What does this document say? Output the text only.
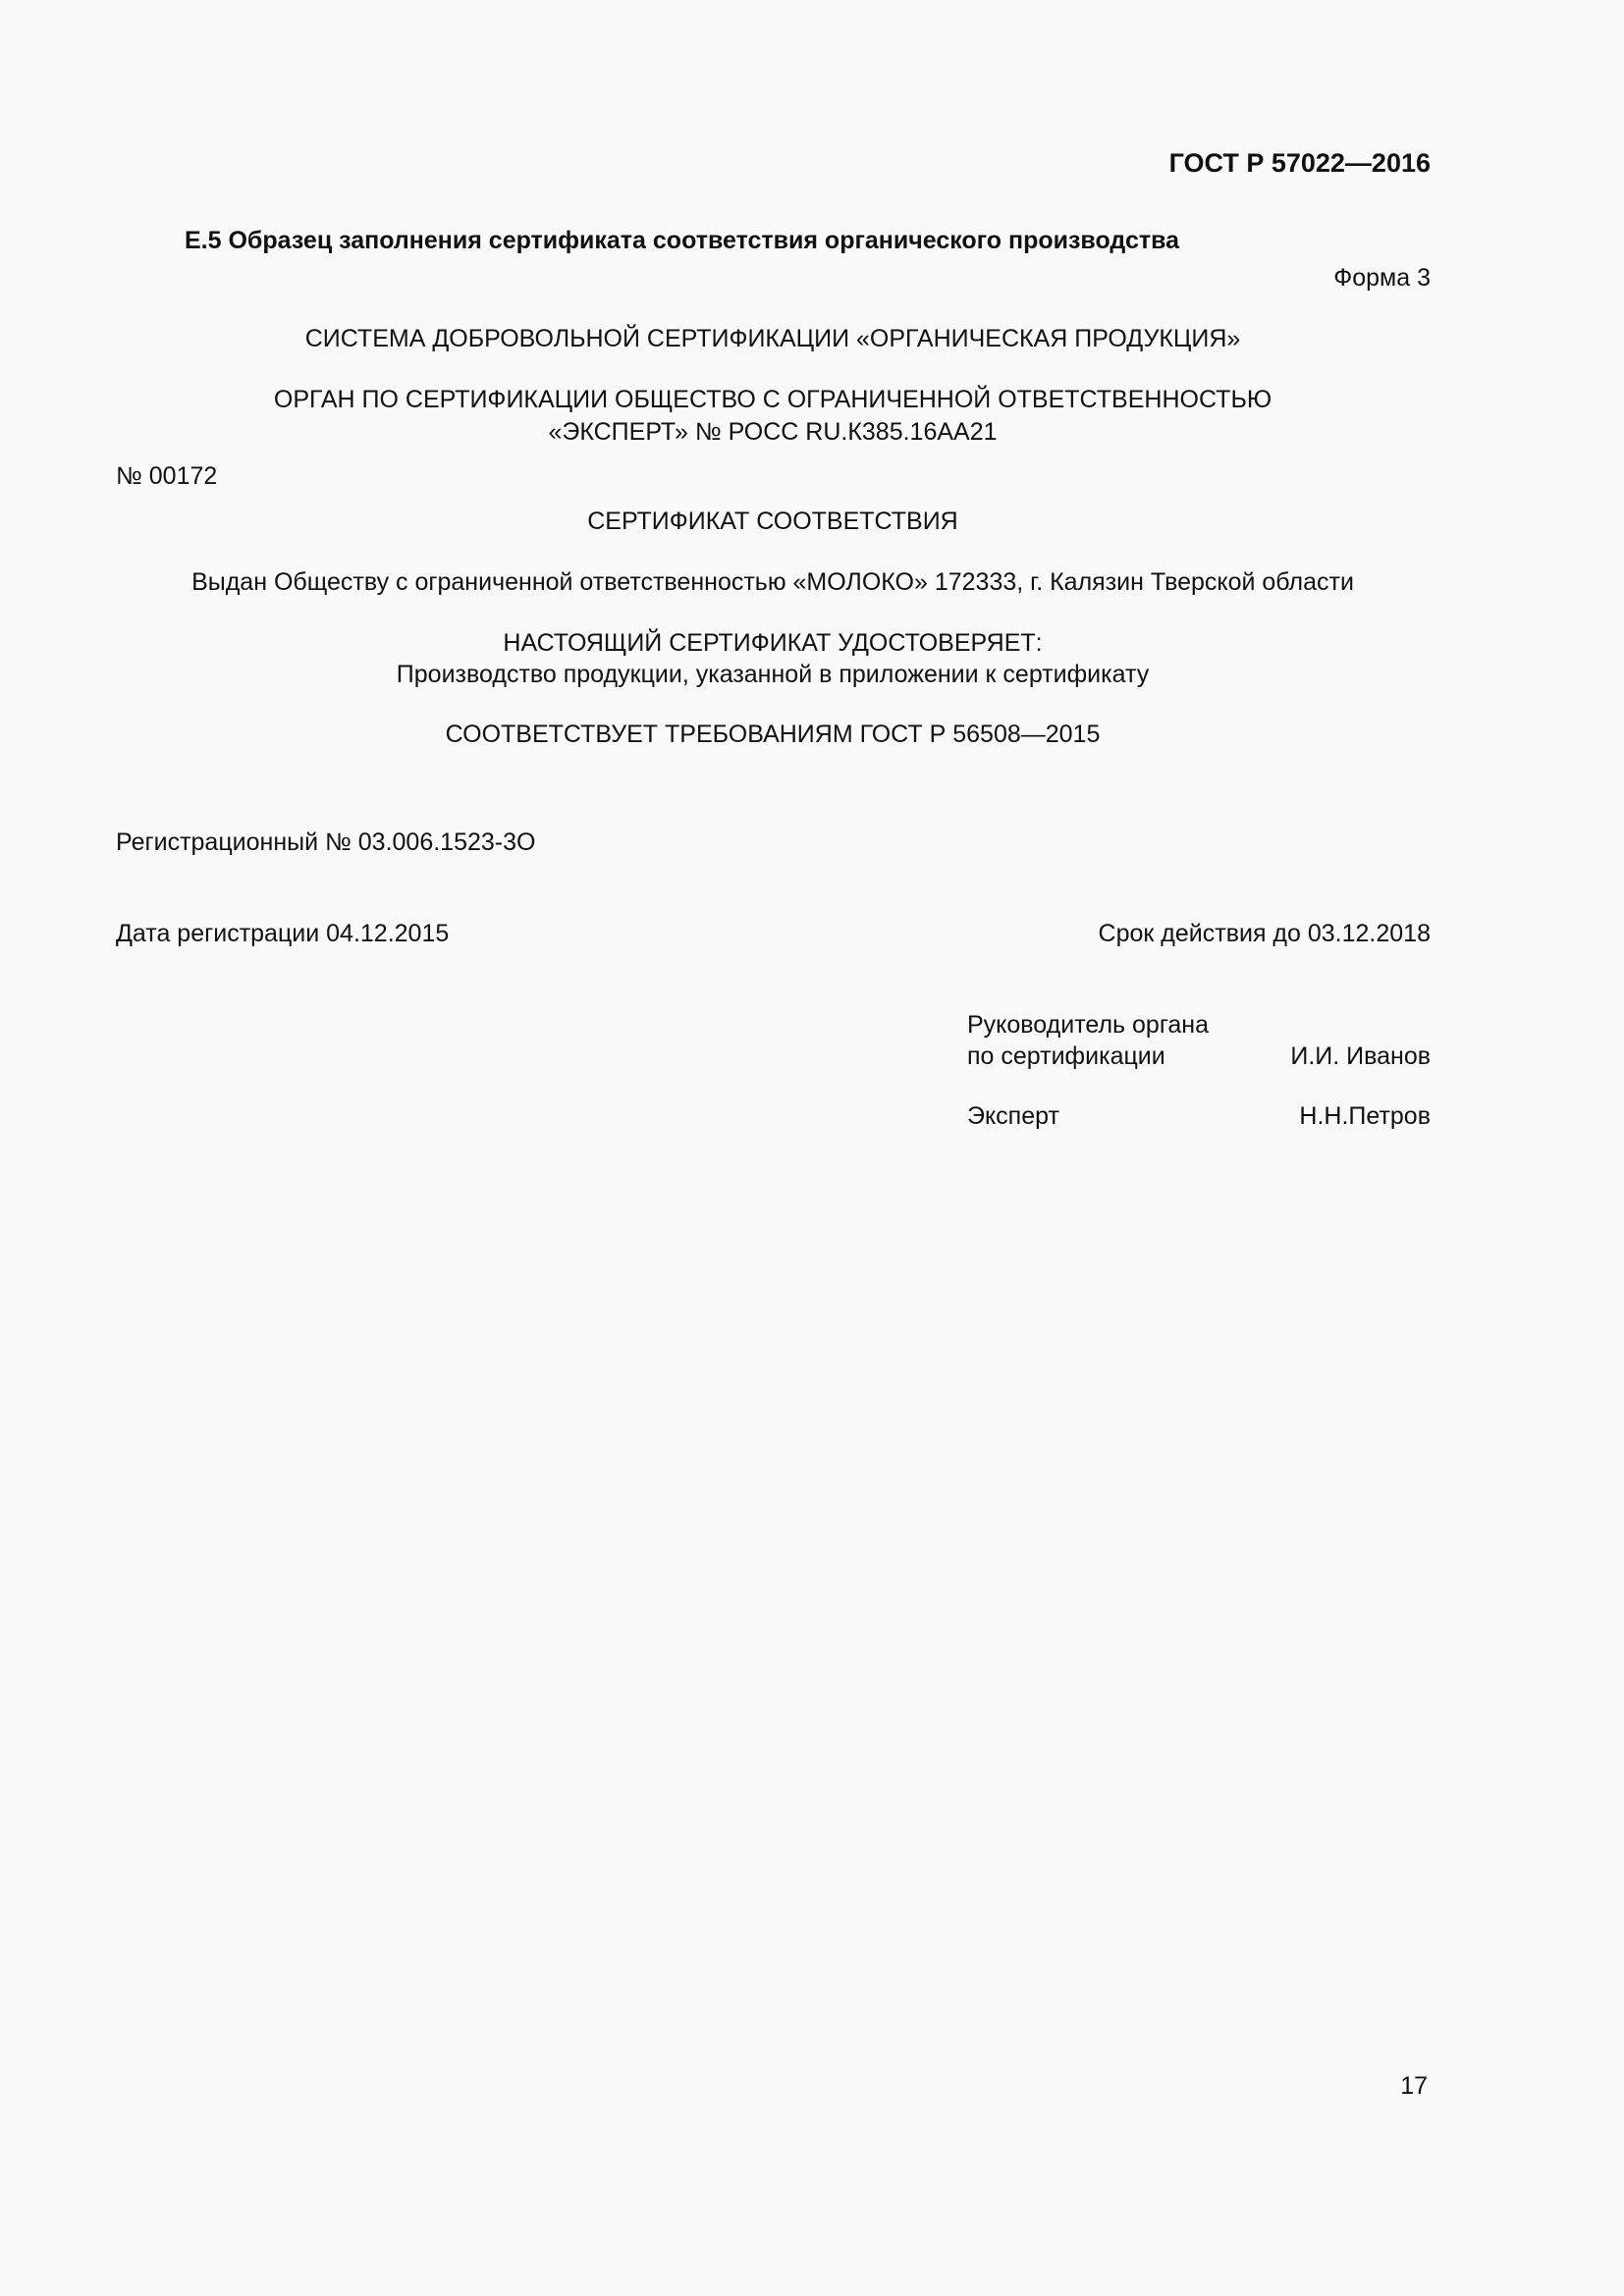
ГОСТ Р 57022—2016

Е.5 Образец заполнения сертификата соответствия органического производства

Форма 3

СИСТЕМА ДОБРОВОЛЬНОЙ СЕРТИФИКАЦИИ «ОРГАНИЧЕСКАЯ ПРОДУКЦИЯ»

ОРГАН ПО СЕРТИФИКАЦИИ ОБЩЕСТВО С ОГРАНИЧЕННОЙ ОТВЕТСТВЕННОСТЬЮ

«ЭКСПЕРТ» № РОСС RU.К385.16АА21

№ 00172

СЕРТИФИКАТ СООТВЕТСТВИЯ

Выдан Обществу с ограниченной ответственностью «МОЛОКО» 172333, г. Калязин Тверской области

НАСТОЯЩИЙ СЕРТИФИКАТ УДОСТОВЕРЯЕТ:

Производство продукции, указанной в приложении к сертификату

СООТВЕТСТВУЕТ ТРЕБОВАНИЯМ ГОСТ Р 56508—2015

Регистрационный № 03.006.1523-3О

Дата регистрации 04.12.2015	Срок действия до 03.12.2018

Руководитель органа

по сертификации	И.И. Иванов

Эксперт	Н.Н.Петров

17
